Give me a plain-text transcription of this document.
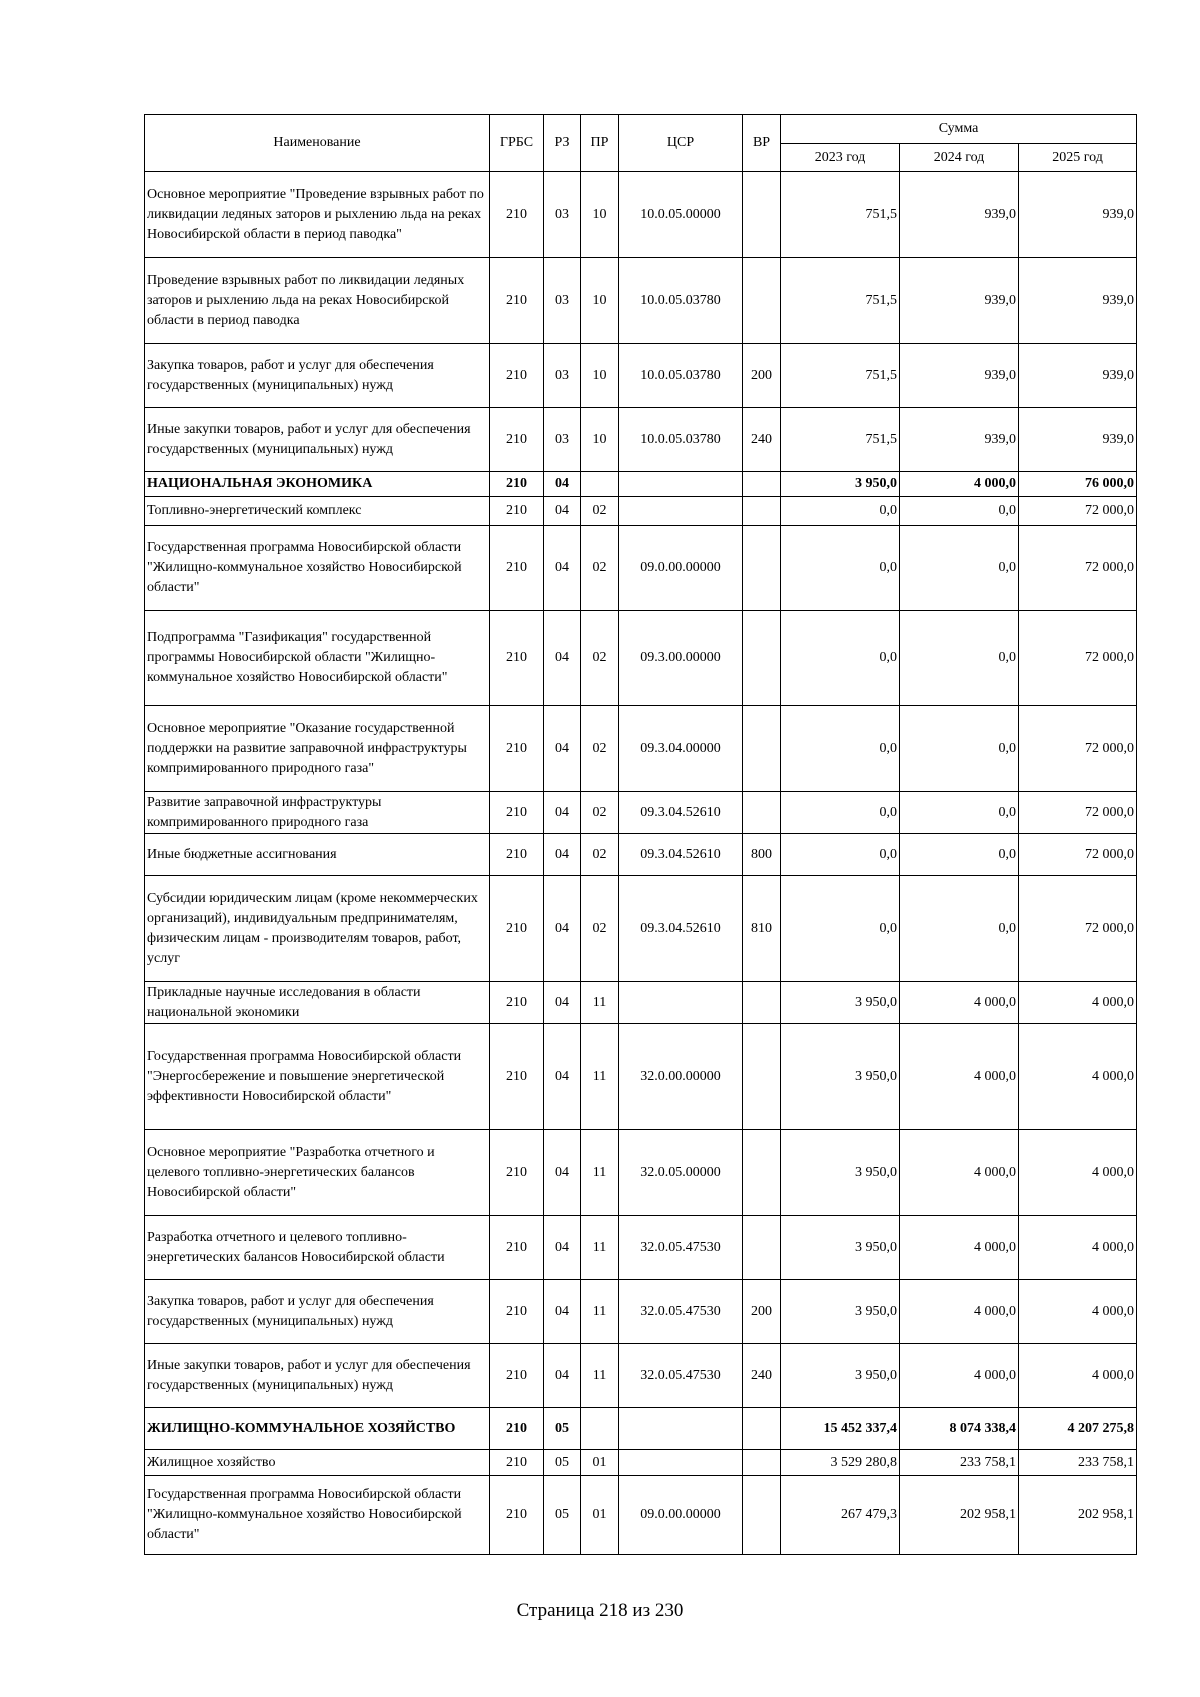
Наименование	ГРБС	РЗ	ПР	ЦСР	ВР	Сумма		
						2023 год	2024 год	2025 год
Основное мероприятие "Проведение взрывных работ по ликвидации ледяных заторов и рыхлению льда на реках Новосибирской области в период паводка"	210	03	10	10.0.05.00000		751,5	939,0	939,0
Проведение взрывных работ по ликвидации ледяных заторов и рыхлению льда на реках Новосибирской области в период паводка	210	03	10	10.0.05.03780		751,5	939,0	939,0
Закупка товаров, работ и услуг для обеспечения государственных (муниципальных) нужд	210	03	10	10.0.05.03780	200	751,5	939,0	939,0
Иные закупки товаров, работ и услуг для обеспечения государственных (муниципальных) нужд	210	03	10	10.0.05.03780	240	751,5	939,0	939,0
НАЦИОНАЛЬНАЯ ЭКОНОМИКА	210	04				3 950,0	4 000,0	76 000,0
Топливно-энергетический комплекс	210	04	02			0,0	0,0	72 000,0
Государственная программа Новосибирской области "Жилищно-коммунальное хозяйство Новосибирской области"	210	04	02	09.0.00.00000		0,0	0,0	72 000,0
Подпрограмма "Газификация" государственной программы Новосибирской области "Жилищно-коммунальное хозяйство Новосибирской области"	210	04	02	09.3.00.00000		0,0	0,0	72 000,0
Основное мероприятие "Оказание государственной поддержки на развитие заправочной инфраструктуры компримированного природного газа"	210	04	02	09.3.04.00000		0,0	0,0	72 000,0
Развитие заправочной инфраструктуры компримированного природного газа	210	04	02	09.3.04.52610		0,0	0,0	72 000,0
Иные бюджетные ассигнования	210	04	02	09.3.04.52610	800	0,0	0,0	72 000,0
Субсидии юридическим лицам (кроме некоммерческих организаций), индивидуальным предпринимателям, физическим лицам - производителям товаров, работ, услуг	210	04	02	09.3.04.52610	810	0,0	0,0	72 000,0
Прикладные научные исследования в области национальной экономики	210	04	11			3 950,0	4 000,0	4 000,0
Государственная программа Новосибирской области "Энергосбережение и повышение энергетической эффективности Новосибирской области"	210	04	11	32.0.00.00000		3 950,0	4 000,0	4 000,0
Основное мероприятие "Разработка отчетного и целевого топливно-энергетических балансов Новосибирской области"	210	04	11	32.0.05.00000		3 950,0	4 000,0	4 000,0
Разработка отчетного и целевого топливно-энергетических балансов Новосибирской области	210	04	11	32.0.05.47530		3 950,0	4 000,0	4 000,0
Закупка товаров, работ и услуг для обеспечения государственных (муниципальных) нужд	210	04	11	32.0.05.47530	200	3 950,0	4 000,0	4 000,0
Иные закупки товаров, работ и услуг для обеспечения государственных (муниципальных) нужд	210	04	11	32.0.05.47530	240	3 950,0	4 000,0	4 000,0
ЖИЛИЩНО-КОММУНАЛЬНОЕ ХОЗЯЙСТВО	210	05				15 452 337,4	8 074 338,4	4 207 275,8
Жилищное хозяйство	210	05	01			3 529 280,8	233 758,1	233 758,1
Государственная программа Новосибирской области "Жилищно-коммунальное хозяйство Новосибирской области"	210	05	01	09.0.00.00000		267 479,3	202 958,1	202 958,1
Страница 218 из 230
